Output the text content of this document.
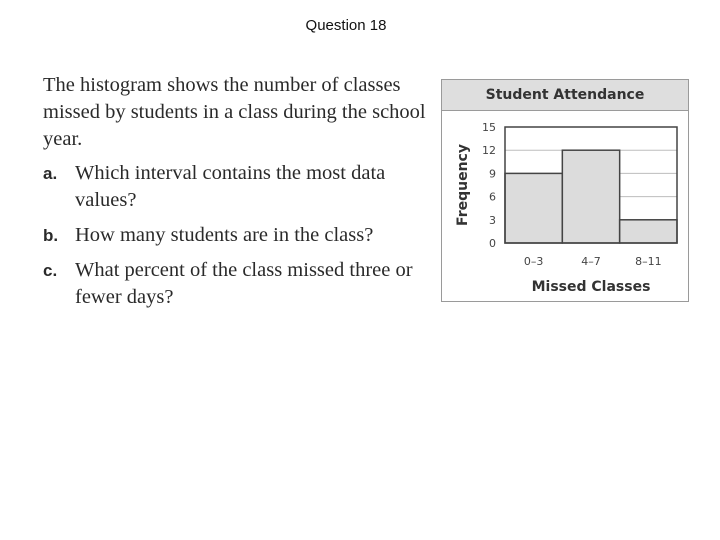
Question 18

The histogram shows the number of classes missed by students in a class during the school year.

a. Which interval contains the most data values?
b. How many students are in the class?
c. What percent of the class missed three or fewer days?
Student Attendance
0
3
6
9
12
15
0–3	4–7	8–11
Missed Classes
Frequency
